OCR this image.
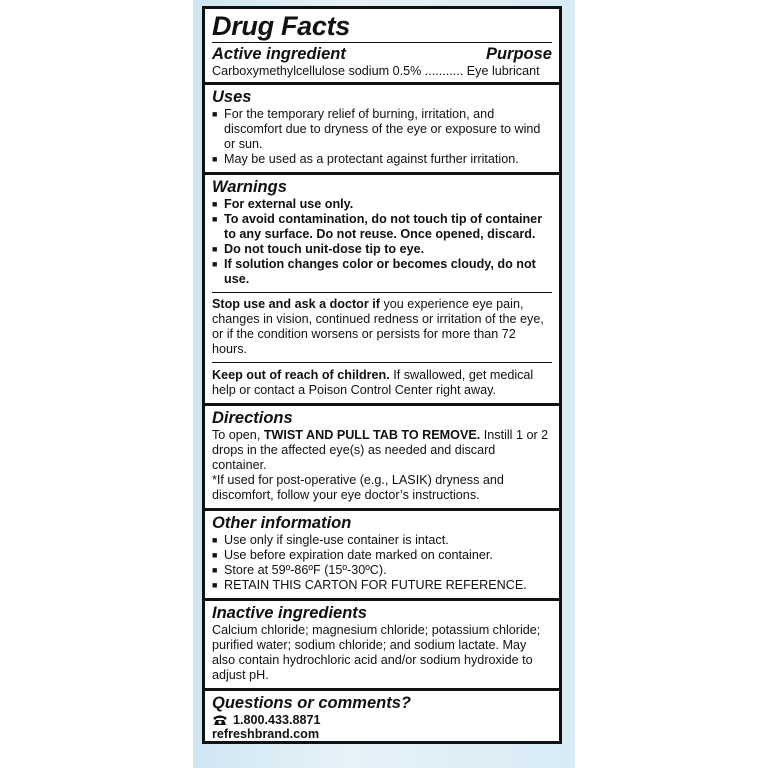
Drug Facts
Active ingredient	Purpose

Carboxymethylcellulose sodium 0.5% ........... Eye lubricant

Uses
■ For the temporary relief of burning, irritation, and discomfort due to dryness of the eye or exposure to wind or sun.
■ May be used as a protectant against further irritation.
Warnings
■ For external use only.
■ To avoid contamination, do not touch tip of container to any surface. Do not reuse. Once opened, discard.
■ Do not touch unit-dose tip to eye.
■ If solution changes color or becomes cloudy, do not use.

Stop use and ask a doctor if you experience eye pain, changes in vision, continued redness or irritation of the eye, or if the condition worsens or persists for more than 72 hours.

Keep out of reach of children. If swallowed, get medical help or contact a Poison Control Center right away.

Directions

To open, TWIST AND PULL TAB TO REMOVE. Instill 1 or 2 drops in the affected eye(s) as needed and discard container.

*If used for post-operative (e.g., LASIK) dryness and discomfort, follow your eye doctor’s instructions.

Other information
■ Use only if single-use container is intact.
■ Use before expiration date marked on container.
■ Store at 59º-86ºF (15º-30ºC).
■ RETAIN THIS CARTON FOR FUTURE REFERENCE.
Inactive ingredients

Calcium chloride; magnesium chloride; potassium chloride; purified water; sodium chloride; and sodium lactate. May also contain hydrochloric acid and/or sodium hydroxide to adjust pH.

Questions or comments?
1.800.433.8871

refreshbrand.com
